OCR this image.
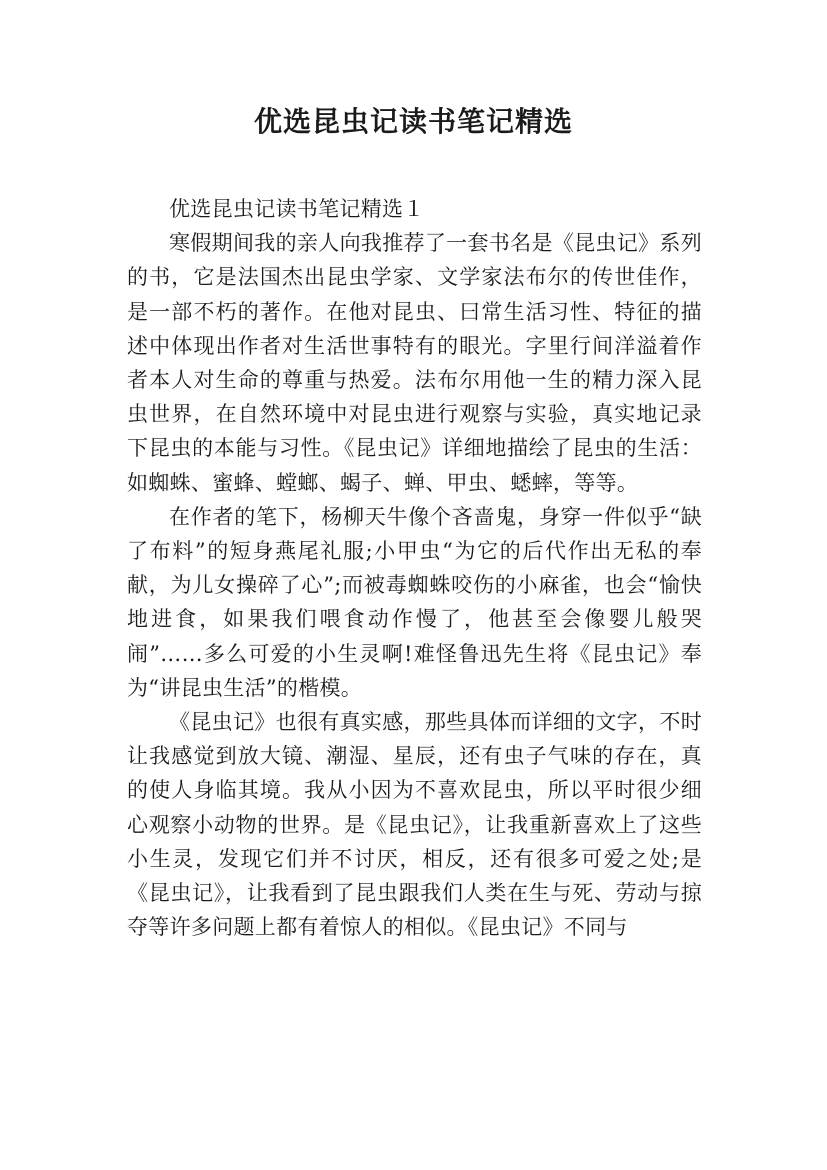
优选昆虫记读书笔记精选

优选昆虫记读书笔记精选１

寒假期间我的亲人向我推荐了一套书名是《昆虫记》系列的书，它是法国杰出昆虫学家、文学家法布尔的传世佳作，是一部不朽的著作。在他对昆虫、曰常生活习性、特征的描述中体现出作者对生活世事特有的眼光。字里行间洋溢着作者本人对生命的尊重与热爱。法布尔用他一生的精力深入昆虫世界，在自然环境中对昆虫进行观察与实验，真实地记录下昆虫的本能与习性。《昆虫记》详细地描绘了昆虫的生活：如蜘蛛、蜜蜂、螳螂、蝎子、蝉、甲虫、蟋蟀，等等。

在作者的笔下，杨柳天牛像个吝啬鬼，身穿一件似乎“缺了布料”的短身燕尾礼服;小甲虫“为它的后代作出无私的奉献，为儿女操碎了心”;而被毒蜘蛛咬伤的小麻雀，也会“愉快地进食，如果我们喂食动作慢了，他甚至会像婴儿般哭闹”……多么可爱的小生灵啊!难怪鲁迅先生将《昆虫记》奉为“讲昆虫生活”的楷模。

《昆虫记》也很有真实感，那些具体而详细的文字，不时让我感觉到放大镜、潮湿、星辰，还有虫子气味的存在，真的使人身临其境。我从小因为不喜欢昆虫，所以平时很少细心观察小动物的世界。是《昆虫记》，让我重新喜欢上了这些小生灵，发现它们并不讨厌，相反，还有很多可爱之处;是《昆虫记》，让我看到了昆虫跟我们人类在生与死、劳动与掠夺等许多问题上都有着惊人的相似。《昆虫记》不同与
